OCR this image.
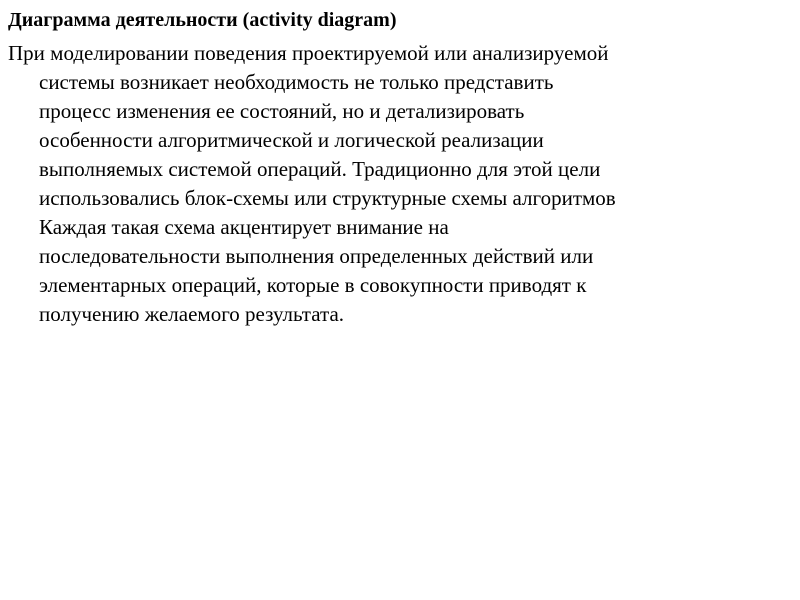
Диаграмма деятельности (activity diagram)
При моделировании поведения проектируемой или анализируемой
системы возникает необходимость не только представить
процесс изменения ее состояний, но и детализировать
особенности алгоритмической и логической реализации
выполняемых системой операций. Традиционно для этой цели
использовались блок-схемы или структурные схемы алгоритмов
Каждая такая схема акцентирует внимание на
последовательности выполнения определенных действий или
элементарных операций, которые в совокупности приводят к
получению желаемого результата.
